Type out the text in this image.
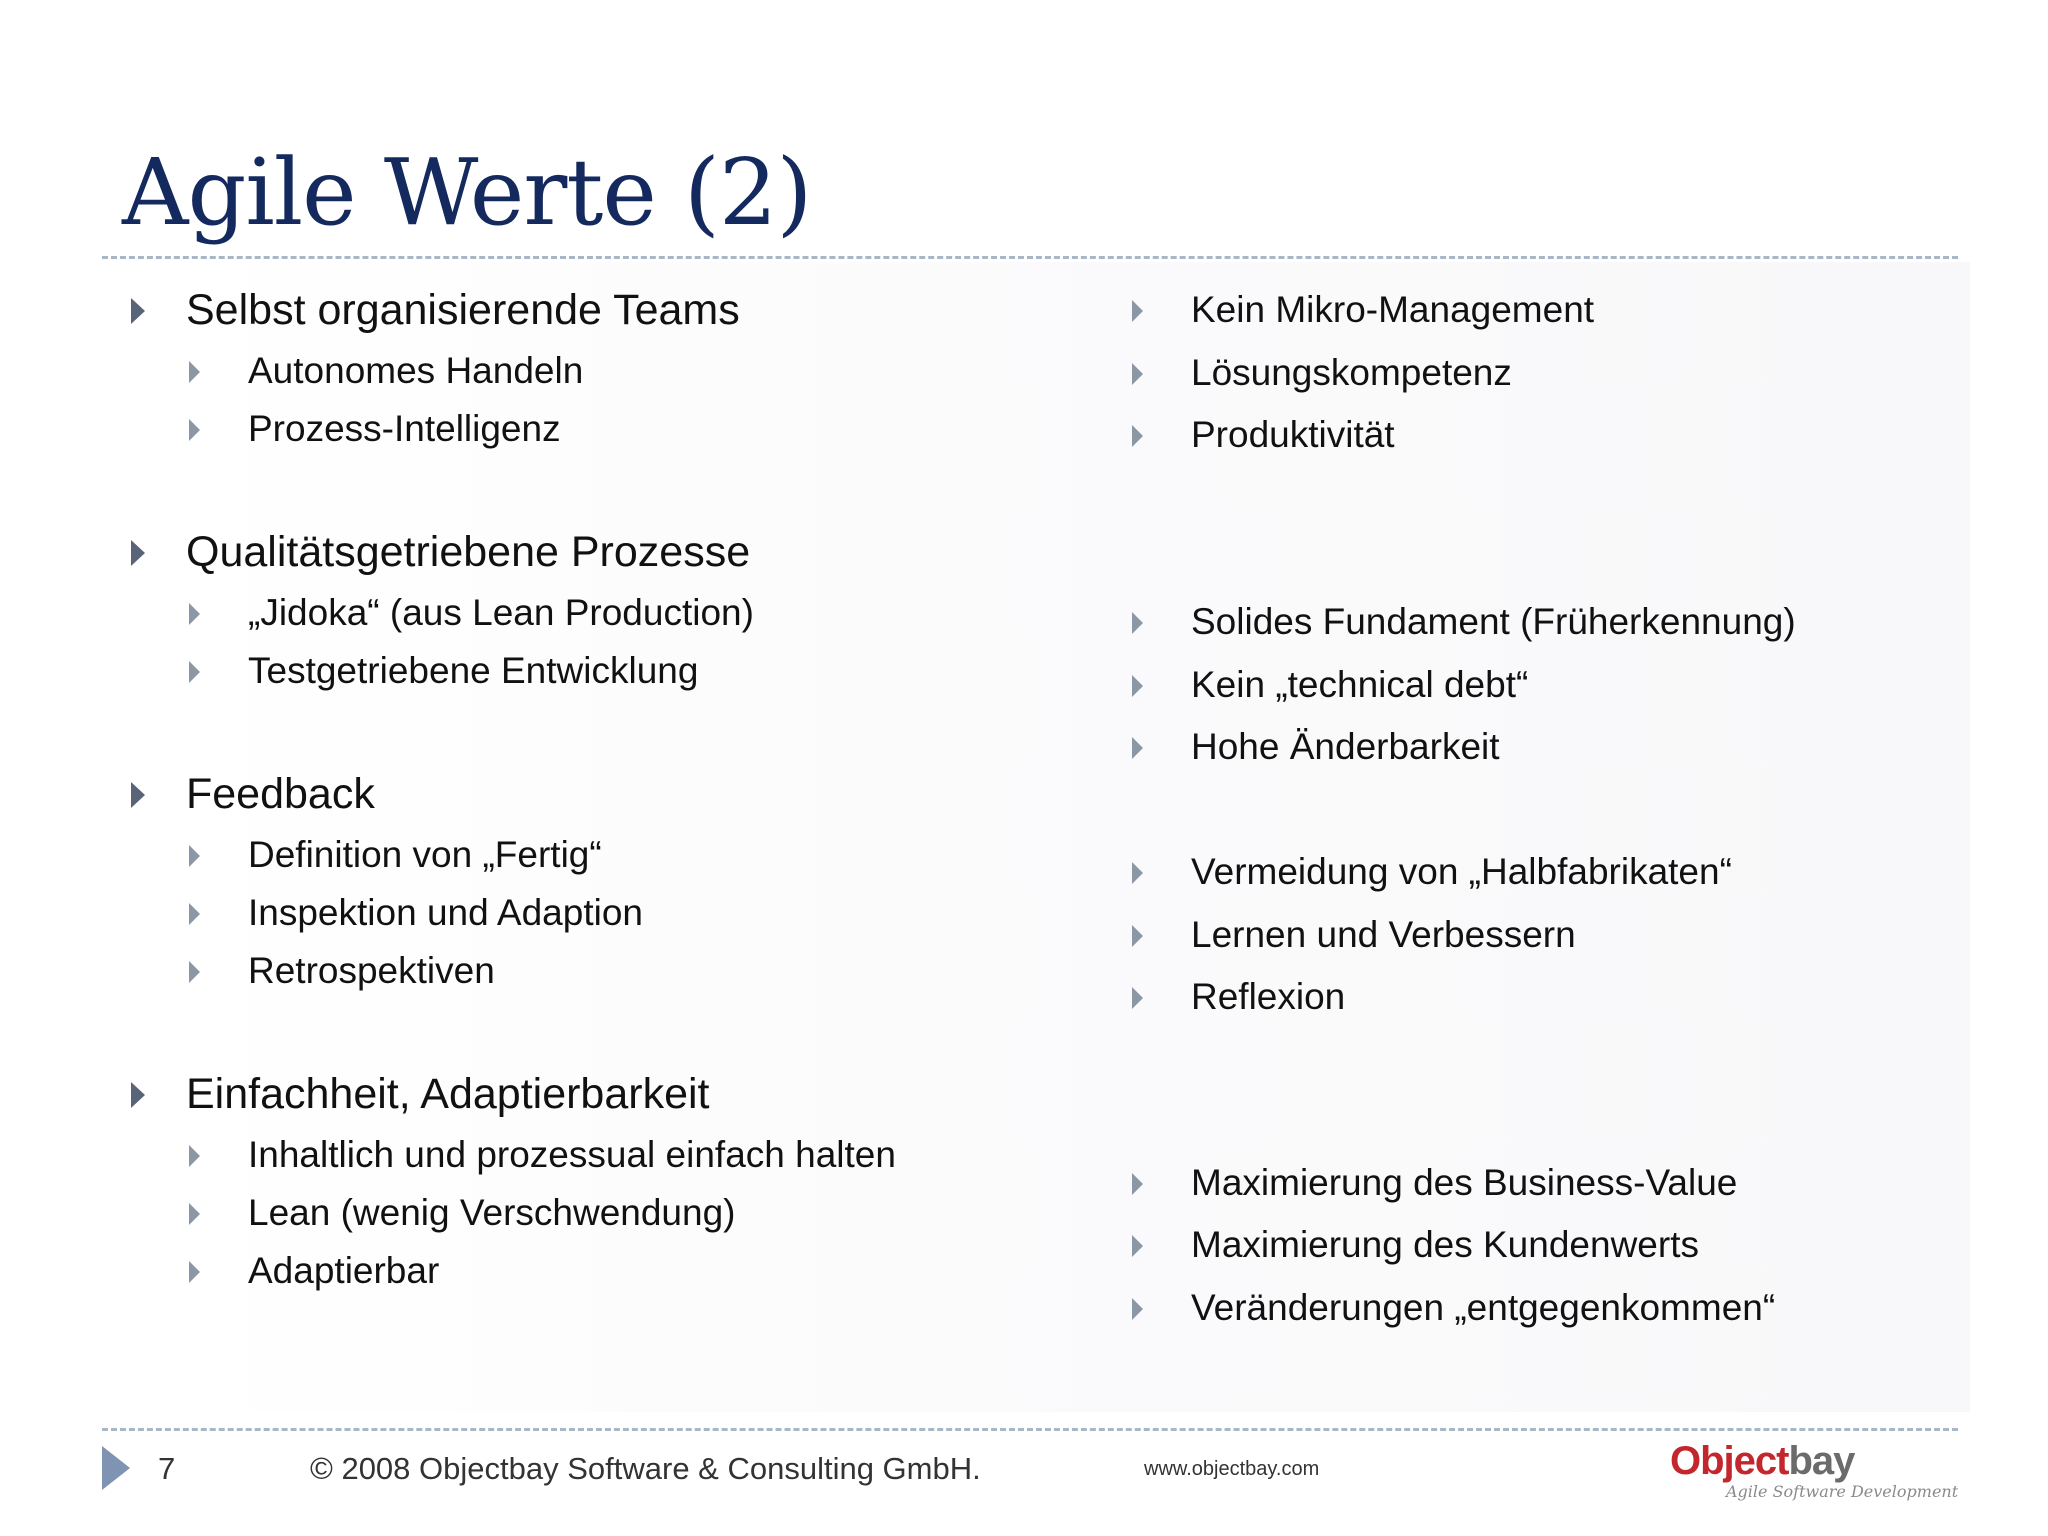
Agile Werte (2)
Selbst organisierende Teams
Autonomes Handeln
Prozess-Intelligenz
Qualitätsgetriebene Prozesse
„Jidoka“ (aus Lean Production)
Testgetriebene Entwicklung
Feedback
Definition von „Fertig“
Inspektion und Adaption
Retrospektiven
Einfachheit, Adaptierbarkeit
Inhaltlich und prozessual einfach halten
Lean (wenig Verschwendung)
Adaptierbar
Kein Mikro-Management
Lösungskompetenz
Produktivität
Solides Fundament (Früherkennung)
Kein „technical debt“
Hohe Änderbarkeit
Vermeidung von „Halbfabrikaten“
Lernen und Verbessern
Reflexion
Maximierung des Business-Value
Maximierung des Kundenwerts
Veränderungen „entgegenkommen“
7	© 2008 Objectbay Software & Consulting GmbH.	www.objectbay.com	Objectbay
Agile Software Development
